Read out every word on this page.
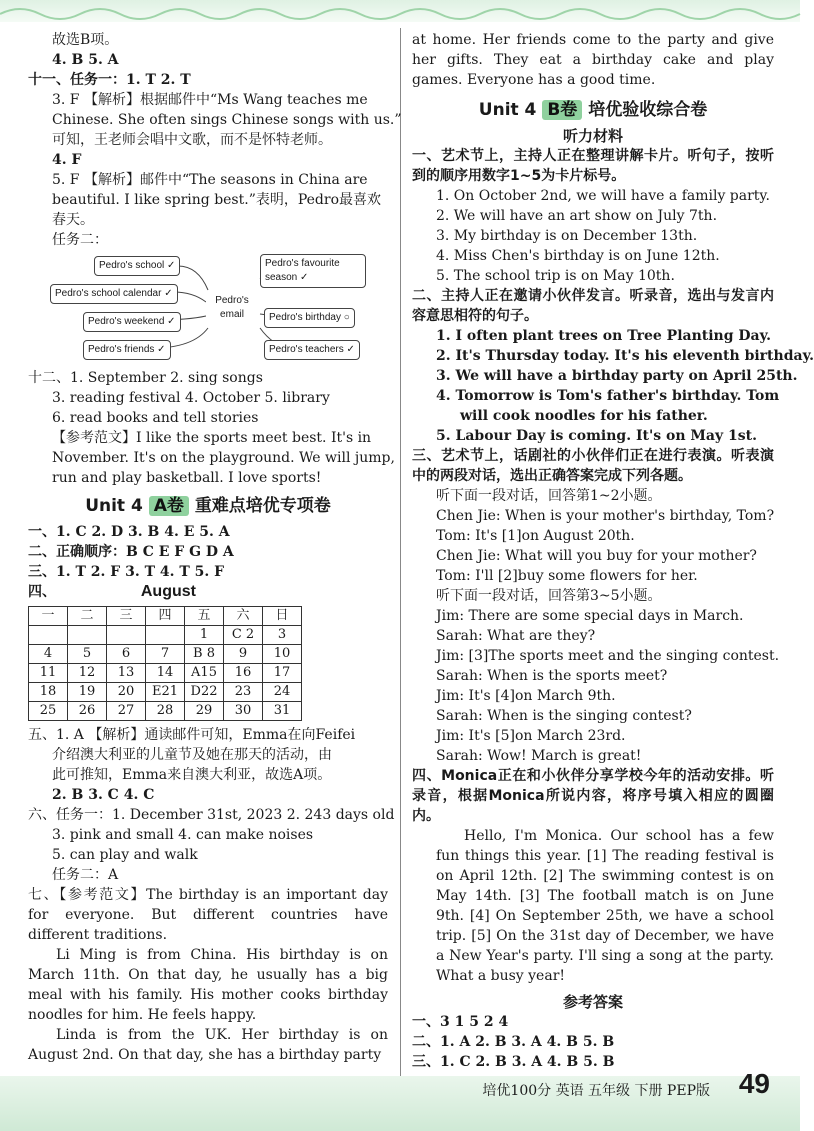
故选B项。
4. B 5. A
十一、任务一：1. T 2. T
3. F 【解析】根据邮件中“Ms Wang teaches me
Chinese. She often sings Chinese songs with us.”
可知，王老师会唱中文歌，而不是怀特老师。
4. F
5. F 【解析】邮件中“The seasons in China are
beautiful. I like spring best.”表明，Pedro最喜欢
春天。
任务二：
Pedro's school ✓
Pedro's school calendar ✓
Pedro's weekend ✓
Pedro's friends ✓
Pedro's email
Pedro's favourite season ✓
Pedro's birthday ○
Pedro's teachers ✓
十二、1. September 2. sing songs
3. reading festival 4. October 5. library
6. read books and tell stories
【参考范文】I like the sports meet best. It's in
November. It's on the playground. We will jump,
run and play basketball. I love sports!
Unit 4 A卷 重难点培优专项卷
一、1. C 2. D 3. B 4. E 5. A
二、正确顺序：B C E F G D A
三、1. T 2. F 3. T 4. T 5. F
四、	August
一	二	三	四	五	六	日
				1	C 2	3
4	5	6	7	B 8	9	10
11	12	13	14	A15	16	17
18	19	20	E21	D22	23	24
25	26	27	28	29	30	31
五、1. A 【解析】通读邮件可知，Emma在向Feifei
介绍澳大利亚的儿童节及她在那天的活动，由
此可推知，Emma来自澳大利亚，故选A项。
2. B 3. C 4. C
六、任务一：1. December 31st, 2023 2. 243 days old
3. pink and small 4. can make noises
5. can play and walk
任务二：A
七、【参考范文】The birthday is an important day for everyone. But different countries have different traditions.
Li Ming is from China. His birthday is on March 11th. On that day, he usually has a big meal with his family. His mother cooks birthday noodles for him. He feels happy.
Linda is from the UK. Her birthday is on August 2nd. On that day, she has a birthday party
at home. Her friends come to the party and give her gifts. They eat a birthday cake and play games. Everyone has a good time.
Unit 4 B卷 培优验收综合卷
听力材料
一、艺术节上，主持人正在整理讲解卡片。听句子，按听到的顺序用数字1~5为卡片标号。
1. On October 2nd, we will have a family party.
2. We will have an art show on July 7th.
3. My birthday is on December 13th.
4. Miss Chen's birthday is on June 12th.
5. The school trip is on May 10th.
二、主持人正在邀请小伙伴发言。听录音，选出与发言内容意思相符的句子。
1. I often plant trees on Tree Planting Day.
2. It's Thursday today. It's his eleventh birthday.
3. We will have a birthday party on April 25th.
4. Tomorrow is Tom's father's birthday. Tom
will cook noodles for his father.
5. Labour Day is coming. It's on May 1st.
三、艺术节上，话剧社的小伙伴们正在进行表演。听表演中的两段对话，选出正确答案完成下列各题。
听下面一段对话，回答第1~2小题。
Chen Jie: When is your mother's birthday, Tom?
Tom: It's [1]on August 20th.
Chen Jie: What will you buy for your mother?
Tom: I'll [2]buy some flowers for her.
听下面一段对话，回答第3~5小题。
Jim: There are some special days in March.
Sarah: What are they?
Jim: [3]The sports meet and the singing contest.
Sarah: When is the sports meet?
Jim: It's [4]on March 9th.
Sarah: When is the singing contest?
Jim: It's [5]on March 23rd.
Sarah: Wow! March is great!
四、Monica正在和小伙伴分享学校今年的活动安排。听录音，根据Monica所说内容，将序号填入相应的圆圈内。
Hello, I'm Monica. Our school has a few fun things this year. [1] The reading festival is on April 12th. [2] The swimming contest is on May 14th. [3] The football match is on June 9th. [4] On September 25th, we have a school trip. [5] On the 31st day of December, we have a New Year's party. I'll sing a song at the party. What a busy year!
参考答案
一、3 1 5 2 4
二、1. A 2. B 3. A 4. B 5. B
三、1. C 2. B 3. A 4. B 5. B
培优100分 英语 五年级 下册 PEP版 49
